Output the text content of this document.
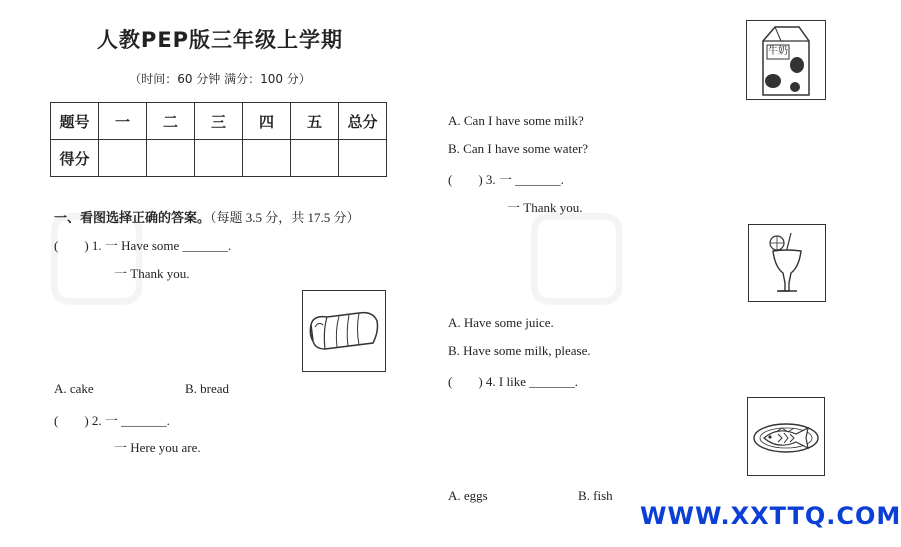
人教PEP版三年级上学期
（时间：60 分钟 满分：100 分）
题号	一	二	三	四	五	总分
得分						
一、看图选择正确的答案。（每题 3.5 分，共 17.5 分）
(　　) 1. 一 Have some _______.
一 Thank you.
A. cake	B. bread
(　　) 2. 一 _______.
一 Here you are.
牛奶
A. Can I have some milk?
B. Can I have some water?
(　　) 3. 一 _______.
一 Thank you.
A. Have some juice.
B. Have some milk, please.
(　　) 4. I like _______.
A. eggs	B. fish
WWW.XXTTQ.COM
